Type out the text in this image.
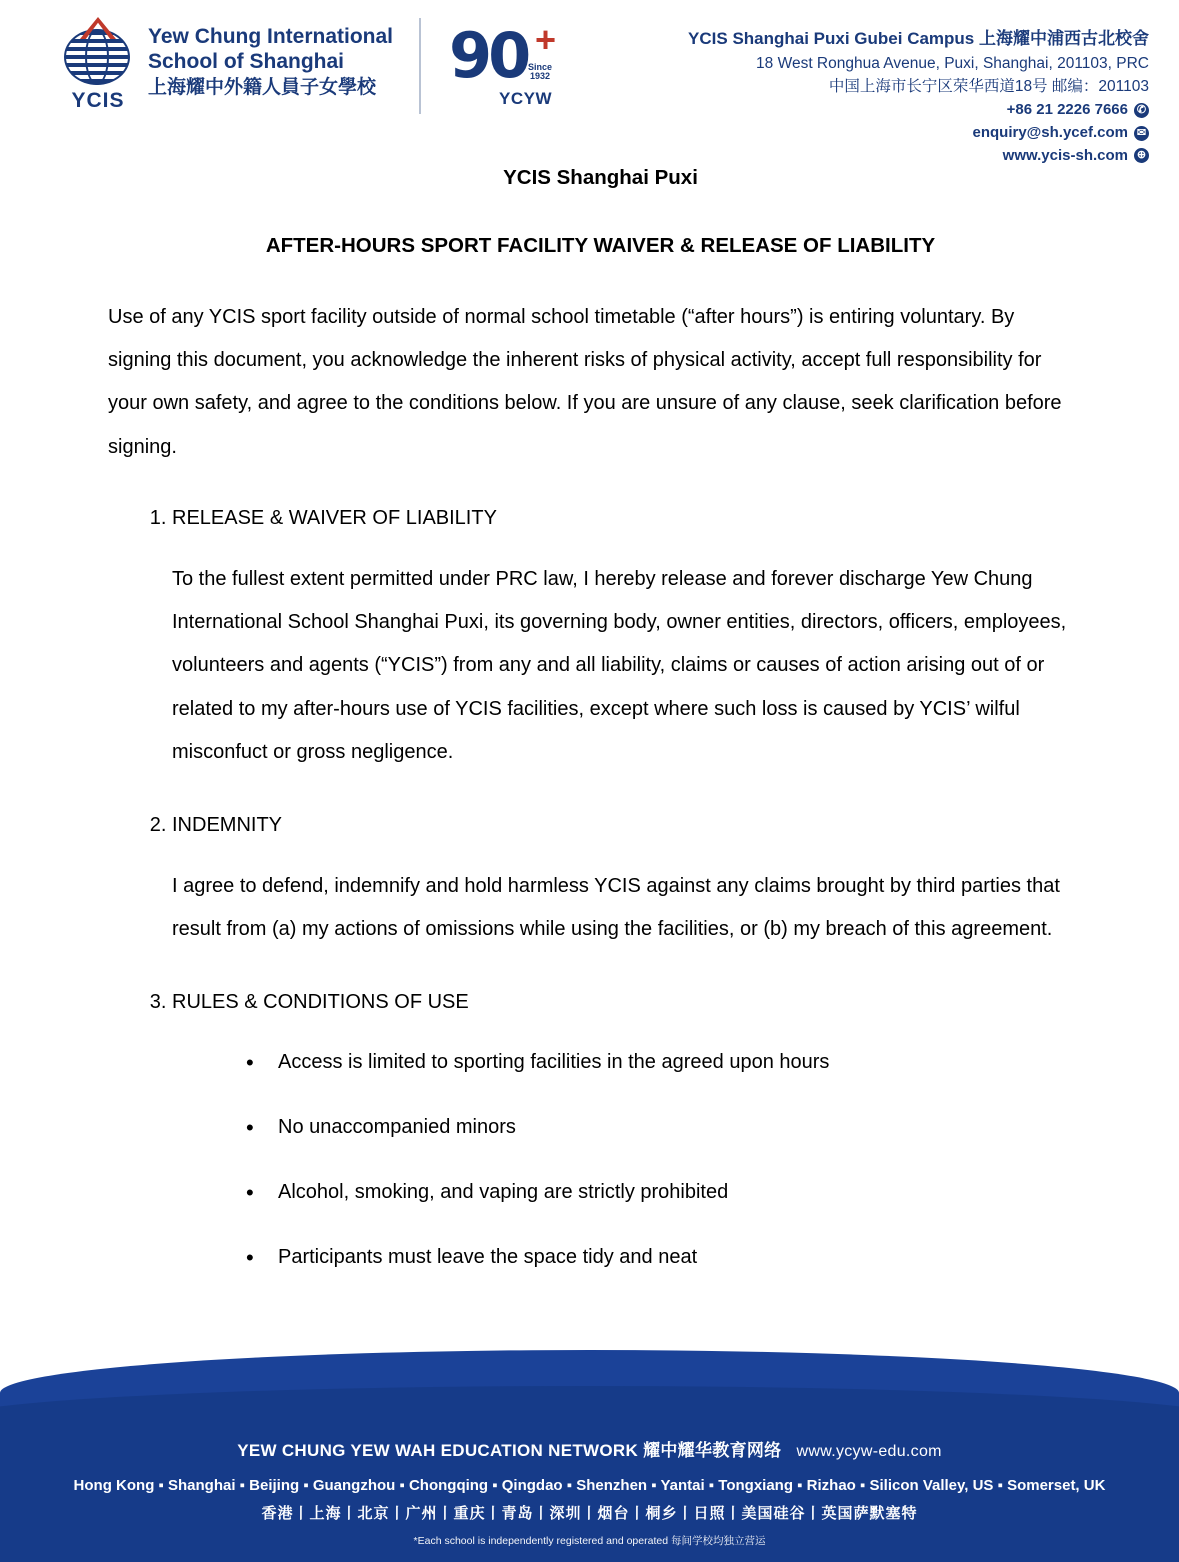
YCIS
Yew Chung International
School of Shanghai
上海耀中外籍人員子女學校 90 +
Since 1932
YCYW
YCIS Shanghai Puxi Gubei Campus 上海耀中浦西古北校舍
18 West Ronghua Avenue, Puxi, Shanghai, 201103, PRC
中国上海市长宁区荣华西道18号 邮编：201103
+86 21 2226 7666 ✆
enquiry@sh.ycef.com ✉
www.ycis-sh.com ⊕
YCIS Shanghai Puxi
AFTER-HOURS SPORT FACILITY WAIVER & RELEASE OF LIABILITY

Use of any YCIS sport facility outside of normal school timetable (“after hours”) is entiring voluntary. By signing this document, you acknowledge the inherent risks of physical activity, accept full responsibility for your own safety, and agree to the conditions below. If you are unsure of any clause, seek clarification before signing.

1. RELEASE & WAIVER OF LIABILITY

To the fullest extent permitted under PRC law, I hereby release and forever discharge Yew Chung International School Shanghai Puxi, its governing body, owner entities, directors, officers, employees, volunteers and agents (“YCIS”) from any and all liability, claims or causes of action arising out of or related to my after-hours use of YCIS facilities, except where such loss is caused by YCIS’ wilful misconfuct or gross negligence.

2. INDEMNITY

I agree to defend, indemnify and hold harmless YCIS against any claims brought by third parties that result from (a) my actions of omissions while using the facilities, or (b) my breach of this agreement.

3. RULES & CONDITIONS OF USE
• Access is limited to sporting facilities in the agreed upon hours
• No unaccompanied minors
• Alcohol, smoking, and vaping are strictly prohibited
• Participants must leave the space tidy and neat
YEW CHUNG YEW WAH EDUCATION NETWORK 耀中耀华教育网络 www.ycyw-edu.com
Hong Kong ▪ Shanghai ▪ Beijing ▪ Guangzhou ▪ Chongqing ▪ Qingdao ▪ Shenzhen ▪ Yantai ▪ Tongxiang ▪ Rizhao ▪ Silicon Valley, US ▪ Somerset, UK
香港丨上海丨北京丨广州丨重庆丨青岛丨深圳丨烟台丨桐乡丨日照丨美国硅谷丨英国萨默塞特
*Each school is independently registered and operated 每间学校均独立营运
